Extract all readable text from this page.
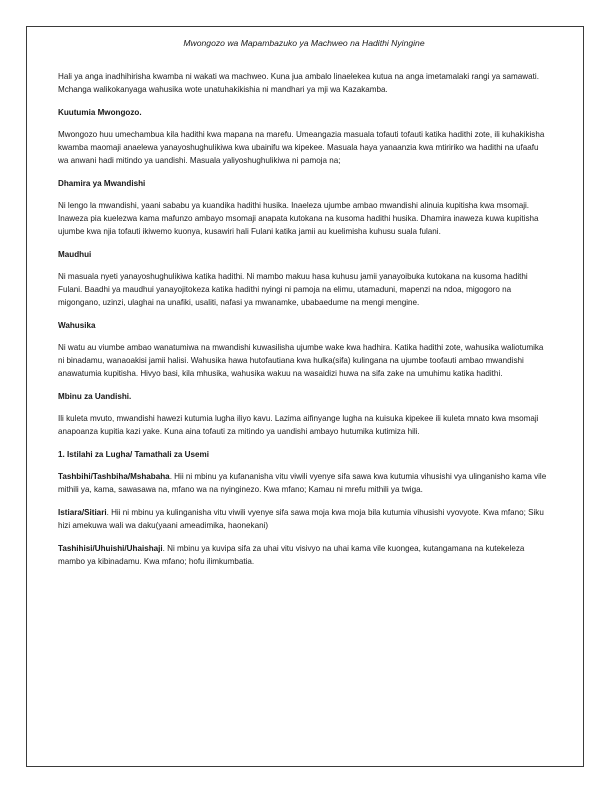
Mwongozo wa Mapambazuko ya Machweo na Hadithi Nyingine

Hali ya anga inadhihirisha kwamba ni wakati wa machweo. Kuna jua ambalo linaelekea kutua na anga imetamalaki rangi ya samawati. Mchanga walikokanyaga wahusika wote unatuhakikishia ni mandhari ya mji wa Kazakamba.

Kuutumia Mwongozo.

Mwongozo huu umechambua kila hadithi kwa mapana na marefu. Umeangazia masuala tofauti tofauti katika hadithi zote, ili kuhakikisha kwamba maomaji anaelewa yanayoshughulikiwa kwa ubainifu wa kipekee. Masuala haya yanaanzia kwa mtiririko wa hadithi na ufaafu wa anwani hadi mitindo ya uandishi. Masuala yaliyoshughulikiwa ni pamoja na;

Dhamira ya Mwandishi

Ni lengo la mwandishi, yaani sababu ya kuandika hadithi husika. Inaeleza ujumbe ambao mwandishi alinuia kupitisha kwa msomaji. Inaweza pia kuelezwa kama mafunzo ambayo msomaji anapata kutokana na kusoma hadithi husika. Dhamira inaweza kuwa kupitisha ujumbe kwa njia tofauti ikiwemo kuonya, kusawiri hali Fulani katika jamii au kuelimisha kuhusu suala fulani.

Maudhui

Ni masuala nyeti yanayoshughulikiwa katika hadithi. Ni mambo makuu hasa kuhusu jamii yanayoibuka kutokana na kusoma hadithi Fulani. Baadhi ya maudhui yanayojitokeza katika hadithi nyingi ni pamoja na elimu, utamaduni, mapenzi na ndoa, migogoro na migongano, uzinzi, ulaghai na unafiki, usaliti, nafasi ya mwanamke, ubabaedume na mengi mengine.

Wahusika

Ni watu au viumbe ambao wanatumiwa na mwandishi kuwasilisha ujumbe wake kwa hadhira. Katika hadithi zote, wahusika waliotumika ni binadamu, wanaoakisi jamii halisi. Wahusika hawa hutofautiana kwa hulka(sifa) kulingana na ujumbe toofauti ambao mwandishi anawatumia kupitisha. Hivyo basi, kila mhusika, wahusika wakuu na wasaidizi huwa na sifa zake na umuhimu katika hadithi.

Mbinu za Uandishi.

Ili kuleta mvuto, mwandishi hawezi kutumia lugha iliyo kavu. Lazima aifinyange lugha na kuisuka kipekee ili kuleta mnato kwa msomaji anapoanza kupitia kazi yake. Kuna aina tofauti za mitindo ya uandishi ambayo hutumika kutimiza hili.

1. Istilahi za Lugha/ Tamathali za Usemi

Tashbihi/Tashbiha/Mshabaha. Hii ni mbinu ya kufananisha vitu viwili vyenye sifa sawa kwa kutumia vihusishi vya ulinganisho kama vile mithili ya, kama, sawasawa na, mfano wa na nyinginezo. Kwa mfano; Kamau ni mrefu mithili ya twiga.

Istiara/Sitiari. Hii ni mbinu ya kulinganisha vitu viwili vyenye sifa sawa moja kwa moja bila kutumia vihusishi vyovyote. Kwa mfano; Siku hizi amekuwa wali wa daku(yaani ameadimika, haonekani)

Tashihisi/Uhuishi/Uhaishaji. Ni mbinu ya kuvipa sifa za uhai vitu visivyo na uhai kama vile kuongea, kutangamana na kutekeleza mambo ya kibinadamu. Kwa mfano; hofu ilimkumbatia.
